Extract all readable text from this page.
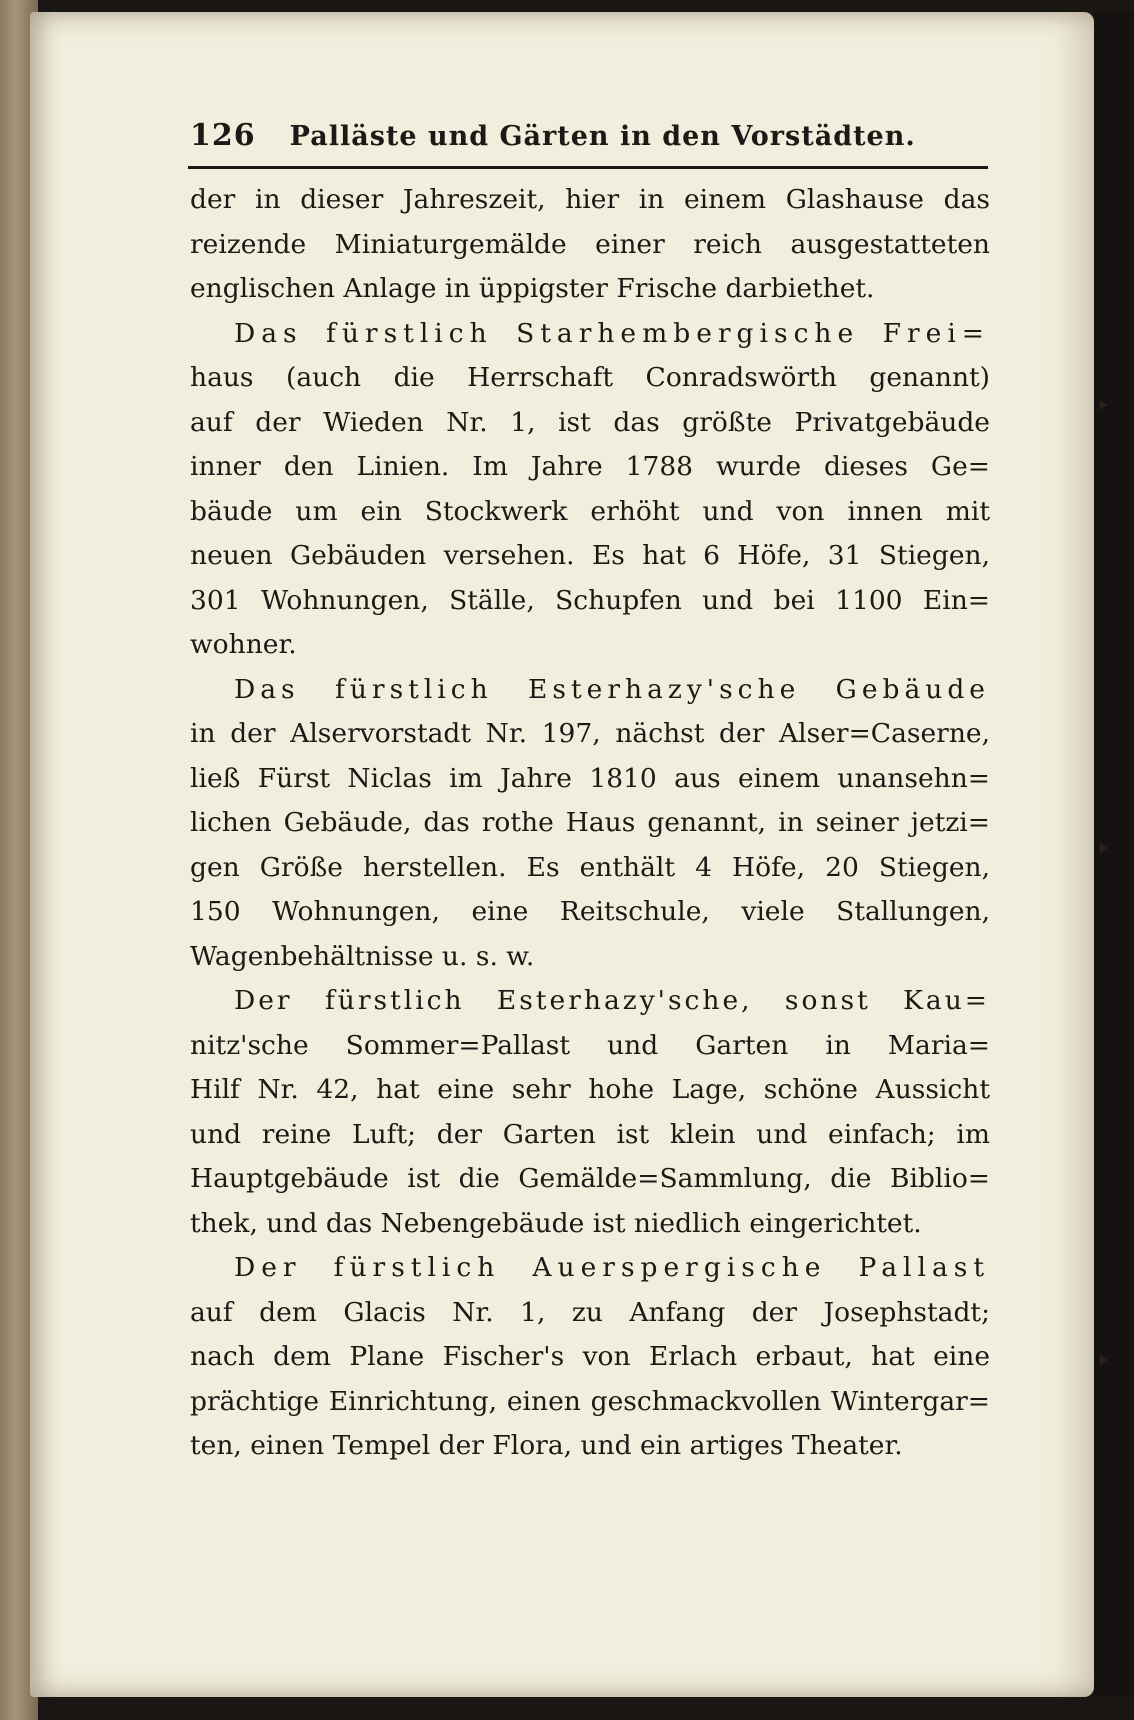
126 Palläste und Gärten in den Vorstädten.
der in dieser Jahreszeit, hier in einem Glashause das
reizende Miniaturgemälde einer reich ausgestatteten
englischen Anlage in üppigster Frische darbiethet.
Das fürstlich Starhembergische Frei=
haus (auch die Herrschaft Conradswörth genannt)
auf der Wieden Nr. 1, ist das größte Privatgebäude
inner den Linien. Im Jahre 1788 wurde dieses Ge=
bäude um ein Stockwerk erhöht und von innen mit
neuen Gebäuden versehen. Es hat 6 Höfe, 31 Stiegen,
301 Wohnungen, Ställe, Schupfen und bei 1100 Ein=
wohner.
Das fürstlich Esterhazy'sche Gebäude
in der Alservorstadt Nr. 197, nächst der Alser=Caserne,
ließ Fürst Niclas im Jahre 1810 aus einem unansehn=
lichen Gebäude, das rothe Haus genannt, in seiner jetzi=
gen Größe herstellen. Es enthält 4 Höfe, 20 Stiegen,
150 Wohnungen, eine Reitschule, viele Stallungen,
Wagenbehältnisse u. s. w.
Der fürstlich Esterhazy'sche, sonst Kau=
nitz'sche Sommer=Pallast und Garten in Maria=
Hilf Nr. 42, hat eine sehr hohe Lage, schöne Aussicht
und reine Luft; der Garten ist klein und einfach; im
Hauptgebäude ist die Gemälde=Sammlung, die Biblio=
thek, und das Nebengebäude ist niedlich eingerichtet.
Der fürstlich Auerspergische Pallast
auf dem Glacis Nr. 1, zu Anfang der Josephstadt;
nach dem Plane Fischer's von Erlach erbaut, hat eine
prächtige Einrichtung, einen geschmackvollen Wintergar=
ten, einen Tempel der Flora, und ein artiges Theater.
